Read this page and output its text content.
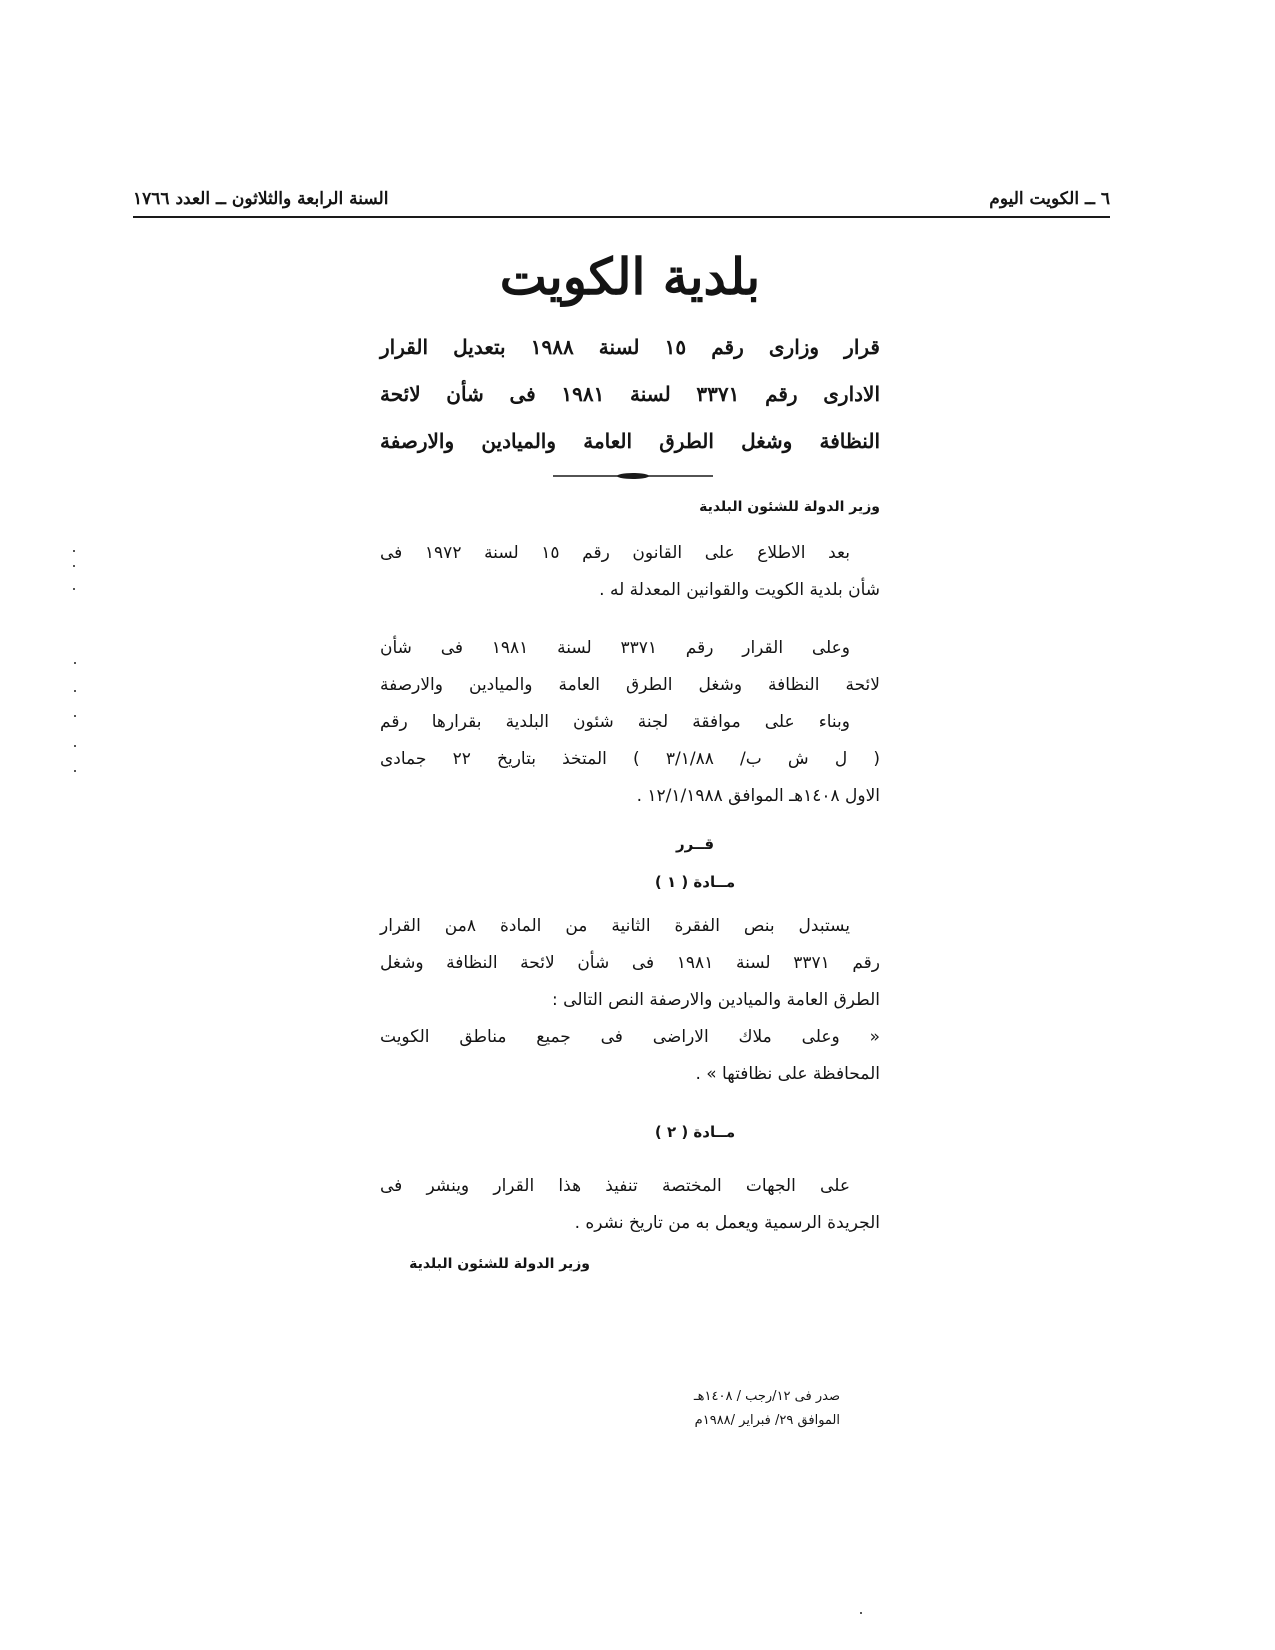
٦ ــ الكويت اليوم
السنة الرابعة والثلاثون ــ العدد ١٧٦٦
بلدية الكويت
قرار وزارى رقم ١٥ لسنة ١٩٨٨ بتعديل القرار
الادارى رقم ٣٣٧١ لسنة ١٩٨١ فى شأن لائحة
النظافة وشغل الطرق العامة والميادين والارصفة
وزير الدولة للشئون البلدية
بعد الاطلاع على القانون رقم ١٥ لسنة ١٩٧٢ فى
شأن بلدية الكويت والقوانين المعدلة له .
وعلى القرار رقم ٣٣٧١ لسنة ١٩٨١ فى شأن
لائحة النظافة وشغل الطرق العامة والميادين والارصفة
وبناء على موافقة لجنة شئون البلدية بقرارها رقم
( ل ش ب/ ٣/١/٨٨ ) المتخذ بتاريخ ٢٢ جمادى
الاول ١٤٠٨هـ الموافق ١٢/١/١٩٨٨ .
قــرر
مــادة ( ١ )
يستبدل بنص الفقرة الثانية من المادة ٨من القرار
رقم ٣٣٧١ لسنة ١٩٨١ فى شأن لائحة النظافة وشغل
الطرق العامة والميادين والارصفة النص التالى :
« وعلى ملاك الاراضى فى جميع مناطق الكويت
المحافظة على نظافتها » .
مــادة ( ٢ )
على الجهات المختصة تنفيذ هذا القرار وينشر فى
الجريدة الرسمية ويعمل به من تاريخ نشره .
وزير الدولة للشئون البلدية
صدر فى ١٢/رجب / ١٤٠٨هـ
الموافق ٢٩/ فبراير /١٩٨٨م
